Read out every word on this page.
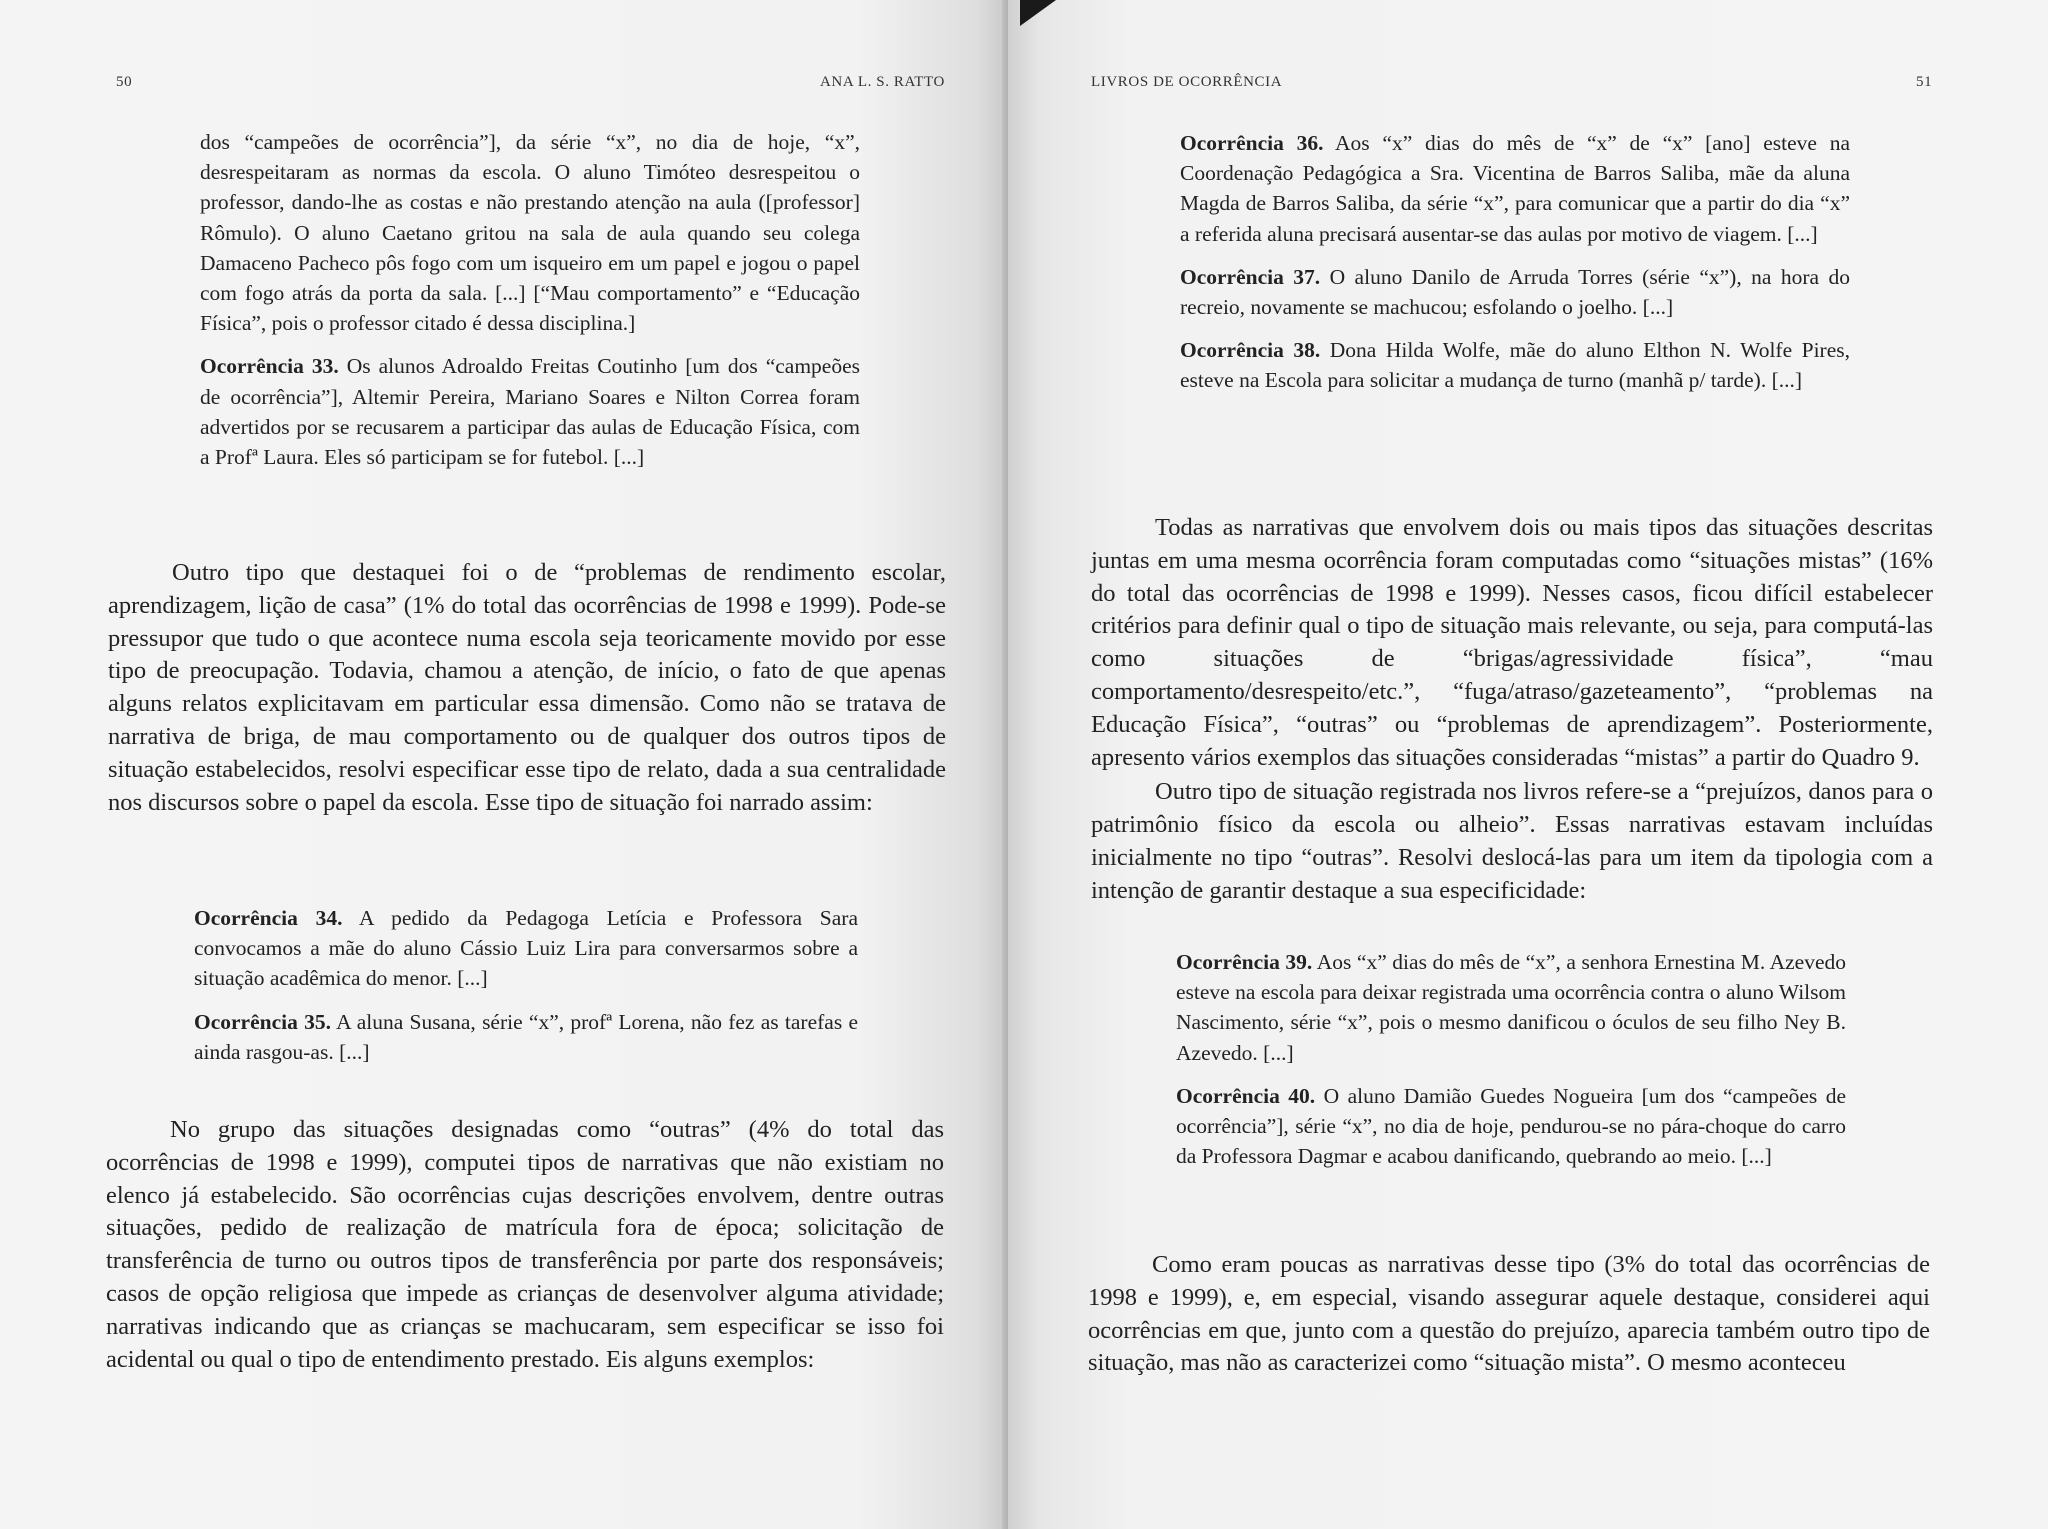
50	ANA L. S. RATTO

dos “campeões de ocorrência”], da série “x”, no dia de hoje, “x”, desrespeitaram as normas da escola. O aluno Timóteo desrespeitou o professor, dando-lhe as costas e não prestando atenção na aula ([professor] Rômulo). O aluno Caetano gritou na sala de aula quando seu colega Damaceno Pacheco pôs fogo com um isqueiro em um papel e jogou o papel com fogo atrás da porta da sala. [...] [“Mau comportamento” e “Educação Física”, pois o professor citado é dessa disciplina.]

Ocorrência 33. Os alunos Adroaldo Freitas Coutinho [um dos “campeões de ocorrência”], Altemir Pereira, Mariano Soares e Nilton Correa foram advertidos por se recusarem a participar das aulas de Educação Física, com a Profª Laura. Eles só participam se for futebol. [...]

Outro tipo que destaquei foi o de “problemas de rendimento escolar, aprendizagem, lição de casa” (1% do total das ocorrências de 1998 e 1999). Pode-se pressupor que tudo o que acontece numa escola seja teoricamente movido por esse tipo de preocupação. Todavia, chamou a atenção, de início, o fato de que apenas alguns relatos explicitavam em particular essa dimensão. Como não se tratava de narrativa de briga, de mau comportamento ou de qualquer dos outros tipos de situação estabelecidos, resolvi especificar esse tipo de relato, dada a sua centralidade nos discursos sobre o papel da escola. Esse tipo de situação foi narrado assim:

Ocorrência 34. A pedido da Pedagoga Letícia e Professora Sara convocamos a mãe do aluno Cássio Luiz Lira para conversarmos sobre a situação acadêmica do menor. [...]

Ocorrência 35. A aluna Susana, série “x”, profª Lorena, não fez as tarefas e ainda rasgou-as. [...]

No grupo das situações designadas como “outras” (4% do total das ocorrências de 1998 e 1999), computei tipos de narrativas que não existiam no elenco já estabelecido. São ocorrências cujas descrições envolvem, dentre outras situações, pedido de realização de matrícula fora de época; solicitação de transferência de turno ou outros tipos de transferência por parte dos responsáveis; casos de opção religiosa que impede as crianças de desenvolver alguma atividade; narrativas indicando que as crianças se machucaram, sem especificar se isso foi acidental ou qual o tipo de entendimento prestado. Eis alguns exemplos:

LIVROS DE OCORRÊNCIA	51

Ocorrência 36. Aos “x” dias do mês de “x” de “x” [ano] esteve na Coordenação Pedagógica a Sra. Vicentina de Barros Saliba, mãe da aluna Magda de Barros Saliba, da série “x”, para comunicar que a partir do dia “x” a referida aluna precisará ausentar-se das aulas por motivo de viagem. [...]

Ocorrência 37. O aluno Danilo de Arruda Torres (série “x”), na hora do recreio, novamente se machucou; esfolando o joelho. [...]

Ocorrência 38. Dona Hilda Wolfe, mãe do aluno Elthon N. Wolfe Pires, esteve na Escola para solicitar a mudança de turno (manhã p/ tarde). [...]

Todas as narrativas que envolvem dois ou mais tipos das situações descritas juntas em uma mesma ocorrência foram computadas como “situações mistas” (16% do total das ocorrências de 1998 e 1999). Nesses casos, ficou difícil estabelecer critérios para definir qual o tipo de situação mais relevante, ou seja, para computá-las como situações de “brigas/agressividade física”, “mau comportamento/desrespeito/etc.”, “fuga/atraso/gazeteamento”, “problemas na Educação Física”, “outras” ou “problemas de aprendizagem”. Posteriormente, apresento vários exemplos das situações consideradas “mistas” a partir do Quadro 9.

Outro tipo de situação registrada nos livros refere-se a “prejuízos, danos para o patrimônio físico da escola ou alheio”. Essas narrativas estavam incluídas inicialmente no tipo “outras”. Resolvi deslocá-las para um item da tipologia com a intenção de garantir destaque a sua especificidade:

Ocorrência 39. Aos “x” dias do mês de “x”, a senhora Ernestina M. Azevedo esteve na escola para deixar registrada uma ocorrência contra o aluno Wilsom Nascimento, série “x”, pois o mesmo danificou o óculos de seu filho Ney B. Azevedo. [...]

Ocorrência 40. O aluno Damião Guedes Nogueira [um dos “campeões de ocorrência”], série “x”, no dia de hoje, pendurou-se no pára-choque do carro da Professora Dagmar e acabou danificando, quebrando ao meio. [...]

Como eram poucas as narrativas desse tipo (3% do total das ocorrências de 1998 e 1999), e, em especial, visando assegurar aquele destaque, considerei aqui ocorrências em que, junto com a questão do prejuízo, aparecia também outro tipo de situação, mas não as caracterizei como “situação mista”. O mesmo aconteceu
